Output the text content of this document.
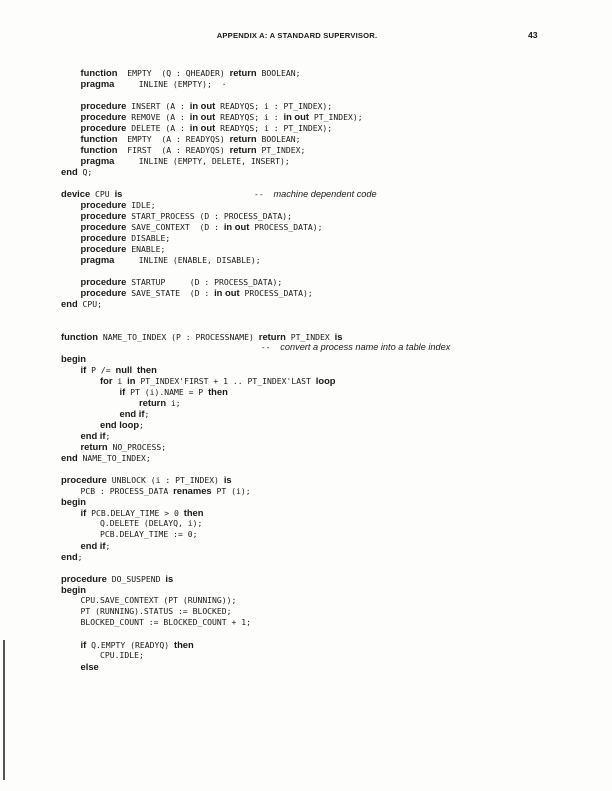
APPENDIX A: A STANDARD SUPERVISOR.	43
function  EMPTY  (Q : QHEADER) return BOOLEAN;
pragma     INLINE (EMPTY);  ·
procedure INSERT (A : in out READYQS; i : PT_INDEX);
procedure REMOVE (A : in out READYQS; i : in out PT_INDEX);
procedure DELETE (A : in out READYQS; i : PT_INDEX);
function  EMPTY  (A : READYQS) return BOOLEAN;
function  FIRST  (A : READYQS) return PT_INDEX;
pragma     INLINE (EMPTY, DELETE, INSERT);
end Q;
device CPU is                           --  machine dependent code
procedure IDLE;
procedure START_PROCESS (D : PROCESS_DATA);
procedure SAVE_CONTEXT  (D : in out PROCESS_DATA);
procedure DISABLE;
procedure ENABLE;
pragma     INLINE (ENABLE, DISABLE);
procedure STARTUP     (D : PROCESS_DATA);
procedure SAVE_STATE  (D : in out PROCESS_DATA);
end CPU;
function NAME_TO_INDEX (P : PROCESSNAME) return PT_INDEX is
--  convert a process name into a table index
begin
if P /= null then
for i in PT_INDEX'FIRST + 1 .. PT_INDEX'LAST loop
if PT (i).NAME = P then
return i;
end if;
end loop;
end if;
return NO_PROCESS;
end NAME_TO_INDEX;
procedure UNBLOCK (i : PT_INDEX) is
PCB : PROCESS_DATA renames PT (i);
begin
if PCB.DELAY_TIME > 0 then
Q.DELETE (DELAYQ, i);
PCB.DELAY_TIME := 0;
end if;
end;
procedure DO_SUSPEND is
begin
CPU.SAVE_CONTEXT (PT (RUNNING));
PT (RUNNING).STATUS := BLOCKED;
BLOCKED_COUNT := BLOCKED_COUNT + 1;
if Q.EMPTY (READYQ) then
CPU.IDLE;
else
